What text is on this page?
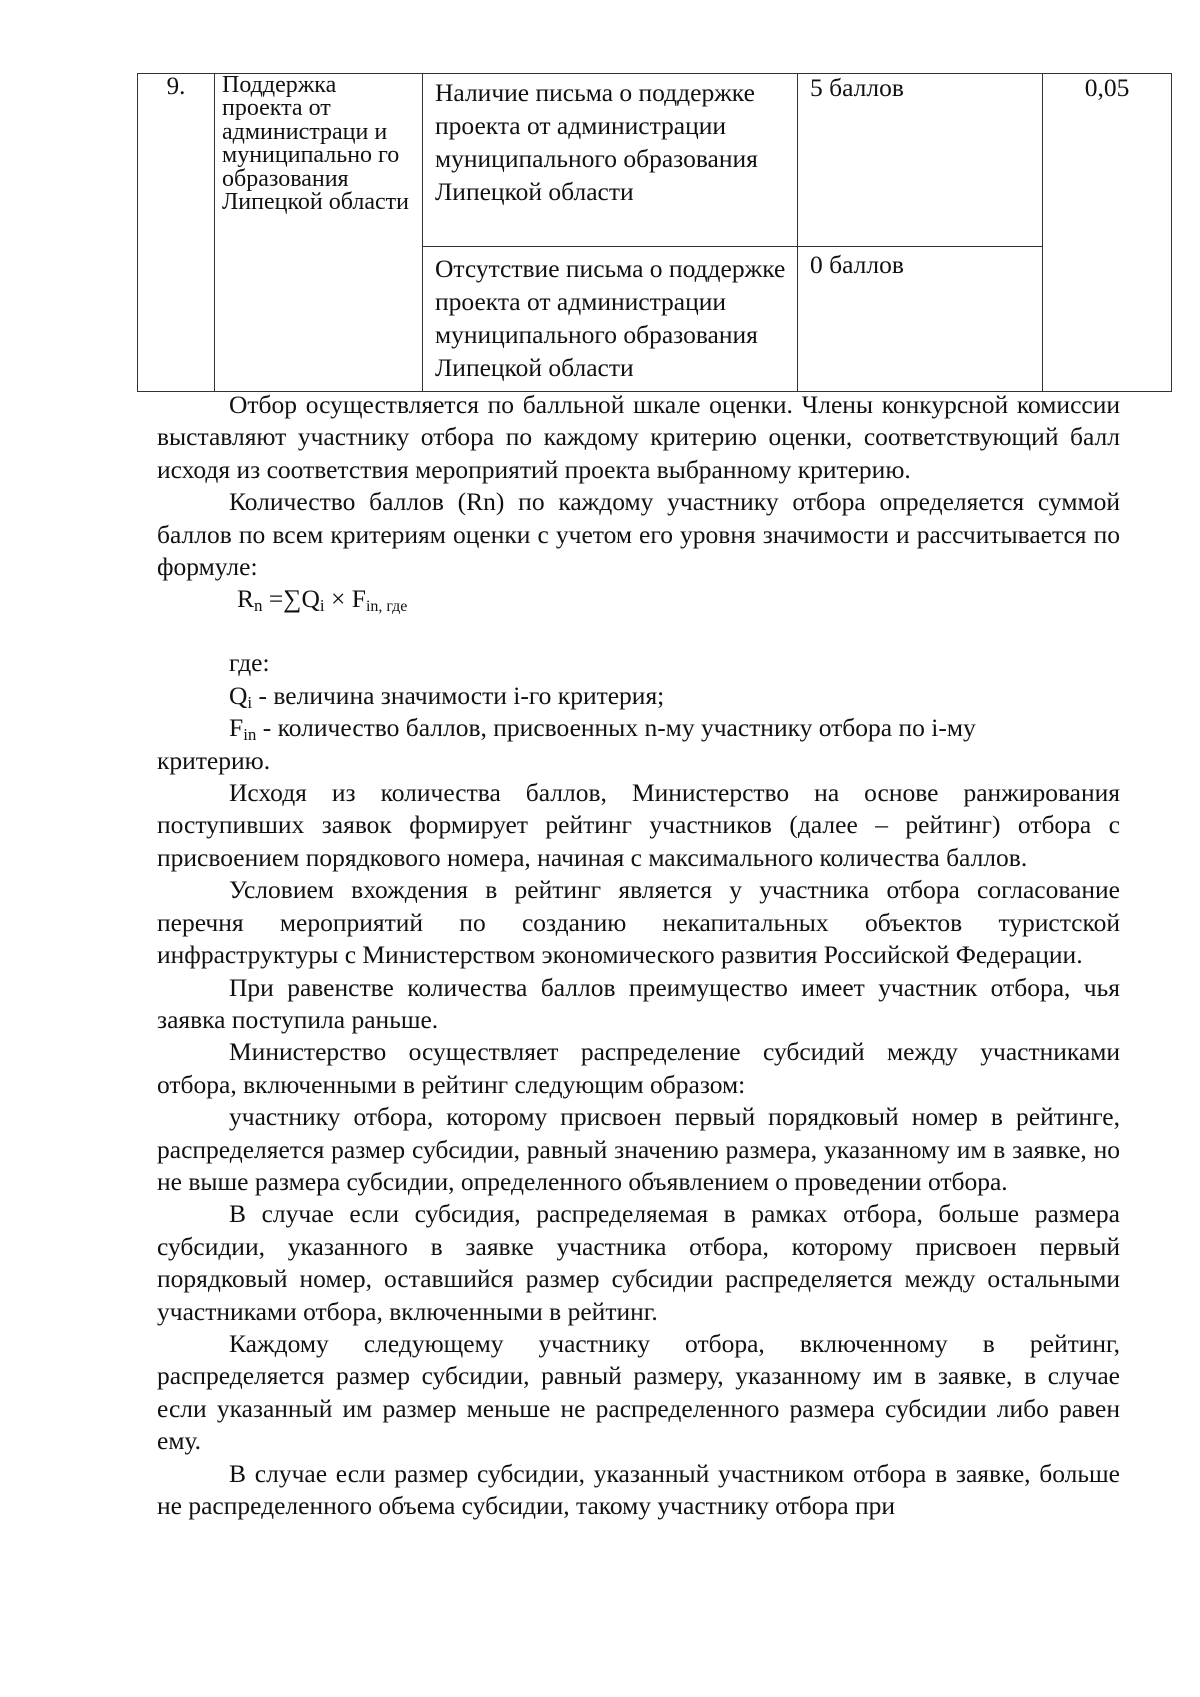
9.	Поддержка проекта от администраци и муниципально го образования Липецкой области	Наличие письма о поддержке проекта от администрации муниципального образования Липецкой области	5 баллов	0,05

		Отсутствие письма о поддержке проекта от администрации муниципального образования Липецкой области	0 баллов	

Отбор осуществляется по балльной шкале оценки. Члены конкурсной комиссии выставляют участнику отбора по каждому критерию оценки, соответствующий балл исходя из соответствия мероприятий проекта выбранному критерию.

Количество баллов (Rn) по каждому участнику отбора определяется суммой баллов по всем критериям оценки с учетом его уровня значимости и рассчитывается по формуле:

$R_n =\sum Q_i \times F_{in, где}$

где:

$Q_i$ - величина значимости i-го критерия;

$F_{in}$ - количество баллов, присвоенных n-му участнику отбора по i-му

критерию.

Исходя из количества баллов, Министерство на основе ранжирования поступивших заявок формирует рейтинг участников (далее – рейтинг) отбора с присвоением порядкового номера, начиная с максимального количества баллов.

Условием вхождения в рейтинг является у участника отбора согласование перечня мероприятий по созданию некапитальных объектов туристской инфраструктуры с Министерством экономического развития Российской Федерации.

При равенстве количества баллов преимущество имеет участник отбора, чья заявка поступила раньше.

Министерство осуществляет распределение субсидий между участниками отбора, включенными в рейтинг следующим образом:

участнику отбора, которому присвоен первый порядковый номер в рейтинге, распределяется размер субсидии, равный значению размера, указанному им в заявке, но не выше размера субсидии, определенного объявлением о проведении отбора.

В случае если субсидия, распределяемая в рамках отбора, больше размера субсидии, указанного в заявке участника отбора, которому присвоен первый порядковый номер, оставшийся размер субсидии распределяется между остальными участниками отбора, включенными в рейтинг.

Каждому следующему участнику отбора, включенному в рейтинг, распределяется размер субсидии, равный размеру, указанному им в заявке, в случае если указанный им размер меньше не распределенного размера субсидии либо равен ему.

В случае если размер субсидии, указанный участником отбора в заявке, больше не распределенного объема субсидии, такому участнику отбора при
